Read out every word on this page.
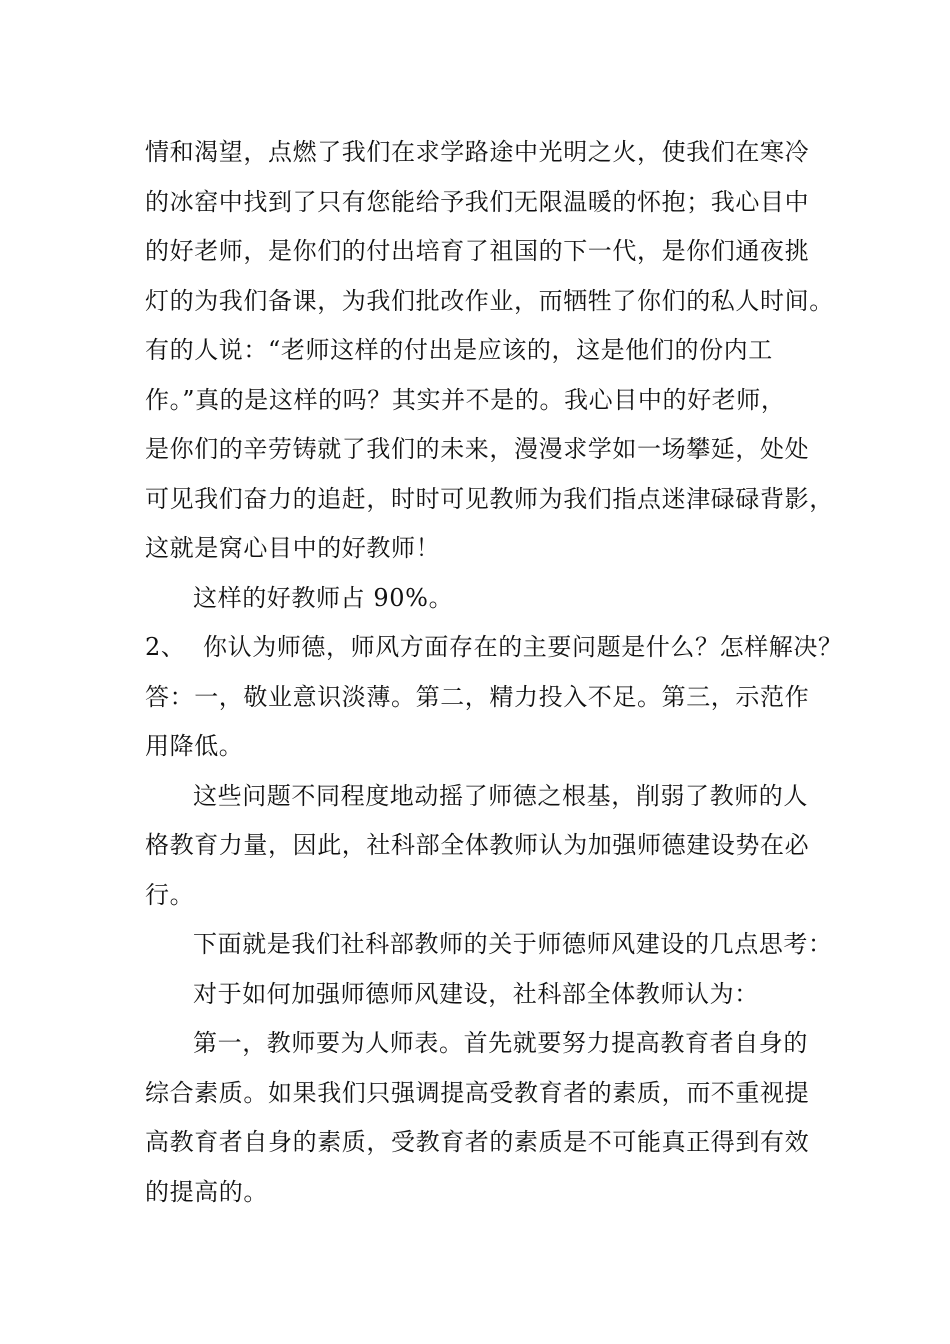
情和渴望，点燃了我们在求学路途中光明之火，使我们在寒冷
的冰窑中找到了只有您能给予我们无限温暖的怀抱；我心目中
的好老师，是你们的付出培育了祖国的下一代，是你们通夜挑
灯的为我们备课，为我们批改作业，而牺牲了你们的私人时间。
有的人说：“老师这样的付出是应该的，这是他们的份内工
作。”真的是这样的吗？其实并不是的。我心目中的好老师，
是你们的辛劳铸就了我们的未来，漫漫求学如一场攀延，处处
可见我们奋力的追赶，时时可见教师为我们指点迷津碌碌背影，
这就是窝心目中的好教师！
这样的好教师占 90%。
2、 你认为师德，师风方面存在的主要问题是什么？怎样解决？
答：一，敬业意识淡薄。第二，精力投入不足。第三，示范作
用降低。
这些问题不同程度地动摇了师德之根基，削弱了教师的人
格教育力量，因此，社科部全体教师认为加强师德建设势在必
行。
下面就是我们社科部教师的关于师德师风建设的几点思考：
对于如何加强师德师风建设，社科部全体教师认为：
第一，教师要为人师表。首先就要努力提高教育者自身的
综合素质。如果我们只强调提高受教育者的素质，而不重视提
高教育者自身的素质，受教育者的素质是不可能真正得到有效
的提高的。
